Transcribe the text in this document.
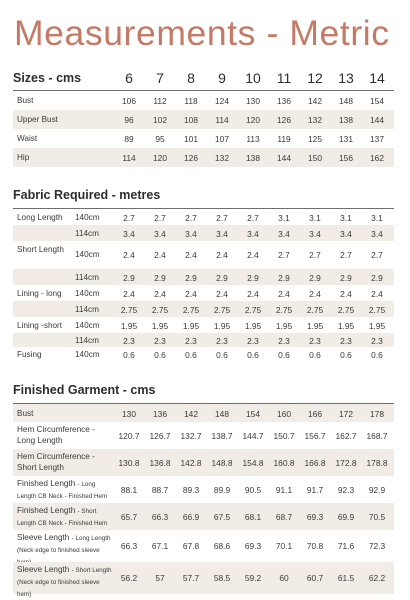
Measurements - Metric
Sizes - cms	6	7	8	9	10	11	12	13	14
Bust	106	112	118	124	130	136	142	148	154
Upper Bust	96	102	108	114	120	126	132	138	144
Waist	89	95	101	107	113	119	125	131	137
Hip	114	120	126	132	138	144	150	156	162
Fabric Required - metres
Long Length 140cm	2.7	2.7	2.7	2.7	2.7	3.1	3.1	3.1	3.1
114cm	3.4	3.4	3.4	3.4	3.4	3.4	3.4	3.4	3.4
Short Length
140cm	2.4	2.4	2.4	2.4	2.4	2.7	2.7	2.7	2.7
114cm	2.9	2.9	2.9	2.9	2.9	2.9	2.9	2.9	2.9
Lining - long 140cm	2.4	2.4	2.4	2.4	2.4	2.4	2.4	2.4	2.4
114cm	2.75	2.75	2.75	2.75	2.75	2.75	2.75	2.75	2.75
Lining -short 140cm	1.95	1.95	1.95	1.95	1.95	1.95	1.95	1.95	1.95
114cm	2.3	2.3	2.3	2.3	2.3	2.3	2.3	2.3	2.3
Fusing	140cm	0.6	0.6	0.6	0.6	0.6	0.6	0.6	0.6	0.6
Finished Garment - cms
Bust	130	136	142	148	154	160	166	172	178
Hem Circumference - Long Length	120.7	126.7	132.7	138.7	144.7	150.7	156.7	162.7	168.7
Hem Circumference - Short Length	130.8	136.8	142.8	148.8	154.8	160.8	166.8	172.8	178.8
Finished Length - Long Length CB Neck - Finished Hem
88.1	88.7	89.3	89.9	90.5	91.1	91.7	92.3	92.9
Finished Length - Short Length CB Neck - Finished Hem
65.7	66.3	66.9	67.5	68.1	68.7	69.3	69.9	70.5
Sleeve Length - Long Length (Neck edge to finished sleeve	66.3	67.1	67.8	68.6	69.3	70.1	70.8	71.6	72.3
Sleeve Length - Short Length (Neck edge to finished sleeve hem)
56.2	57	57.7	58.5	59.2	60	60.7	61.5	62.2
